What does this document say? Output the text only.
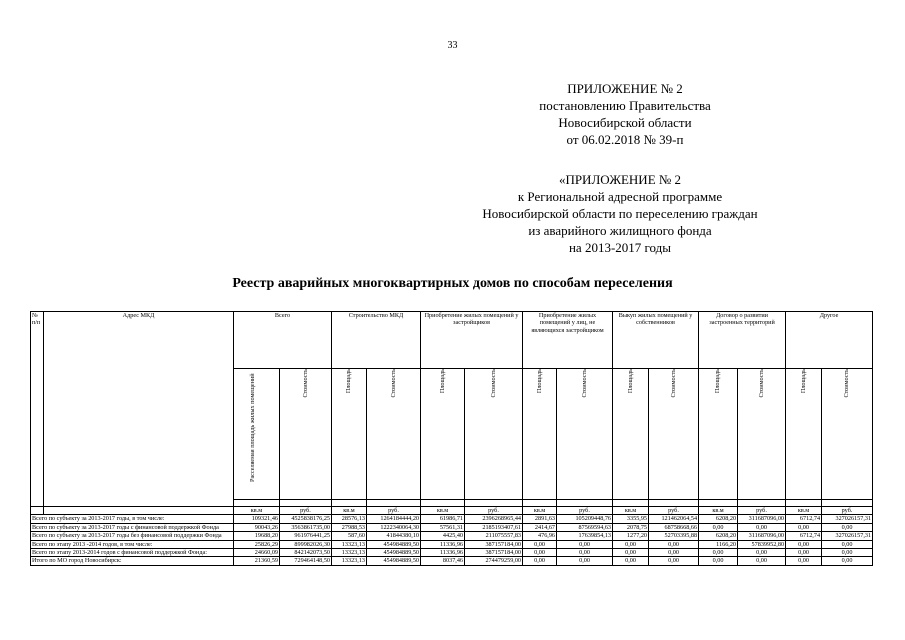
33
ПРИЛОЖЕНИЕ № 2
постановлению Правительства
Новосибирской области
от 06.02.2018 № 39-п
«ПРИЛОЖЕНИЕ № 2
к Региональной адресной программе
Новосибирской области по переселению граждан
из аварийного жилищного фонда
на 2013-2017 годы
Реестр аварийных многоквартирных домов по способам переселения
№ п/п	Адрес МКД	Всего		Строительство МКД		Приобретение жилых помещений у застройщиков		Приобретение жилых помещений у лиц, не являющихся застройщиком		Выкуп жилых помещений у собственников		Договор о развитии застроенных территорий		Другое	
		Расселяемая площадь жилых помещений	Стоимость	Площадь	Стоимость	Площадь	Стоимость	Площадь	Стоимость	Площадь	Стоимость	Площадь	Стоимость	Площадь	Стоимость

		кв.м	руб.	кв.м	руб.	кв.м	руб.	кв.м	руб.	кв.м	руб.	кв.м	руб.	кв.м	руб.
Всего по субъекту за 2013-2017 годы, в том числе:		109321,46	4525838176,25	28576,13	1264184444,20	61986,71	2396268965,44	2891,63	105209448,76	3355,95	121462064,54	6208,20	311687096,00	6712,74	327026157,31
Всего по субъекту за 2013-2017 годы с финансовой поддержкой Фонда		90043,26	3563861735,00	27988,53	1222340064,30	57561,31	2185193407,61	2414,67	87569594,63	2078,75	68758668,66	0,00	0,00	0,00	0,00
Всего по субъекту за 2013-2017 годы без финансовой поддержки Фонда		19688,20	961976441,25	587,60	41844380,10	4425,40	211075557,83	476,96	17639854,13	1277,20	52703395,88	6208,20	311687096,00	6712,74	327026157,31
Всего по этапу 2013 -2014 годов, в том числе:		25826,29	899982026,30	13323,13	454984889,50	11336,96	387157184,00	0,00	0,00	0,00	0,00	1166,20	57839952,80	0,00	0,00
Всего по этапу 2013-2014 годов с финансовой поддержкой Фонда:		24660,09	842142073,50	13323,13	454984889,50	11336,96	387157184,00	0,00	0,00	0,00	0,00	0,00	0,00	0,00	0,00
Итого по МО город Новосибирск:		21360,59	729464148,50	13323,13	454984889,50	8037,46	274479259,00	0,00	0,00	0,00	0,00	0,00	0,00	0,00	0,00
